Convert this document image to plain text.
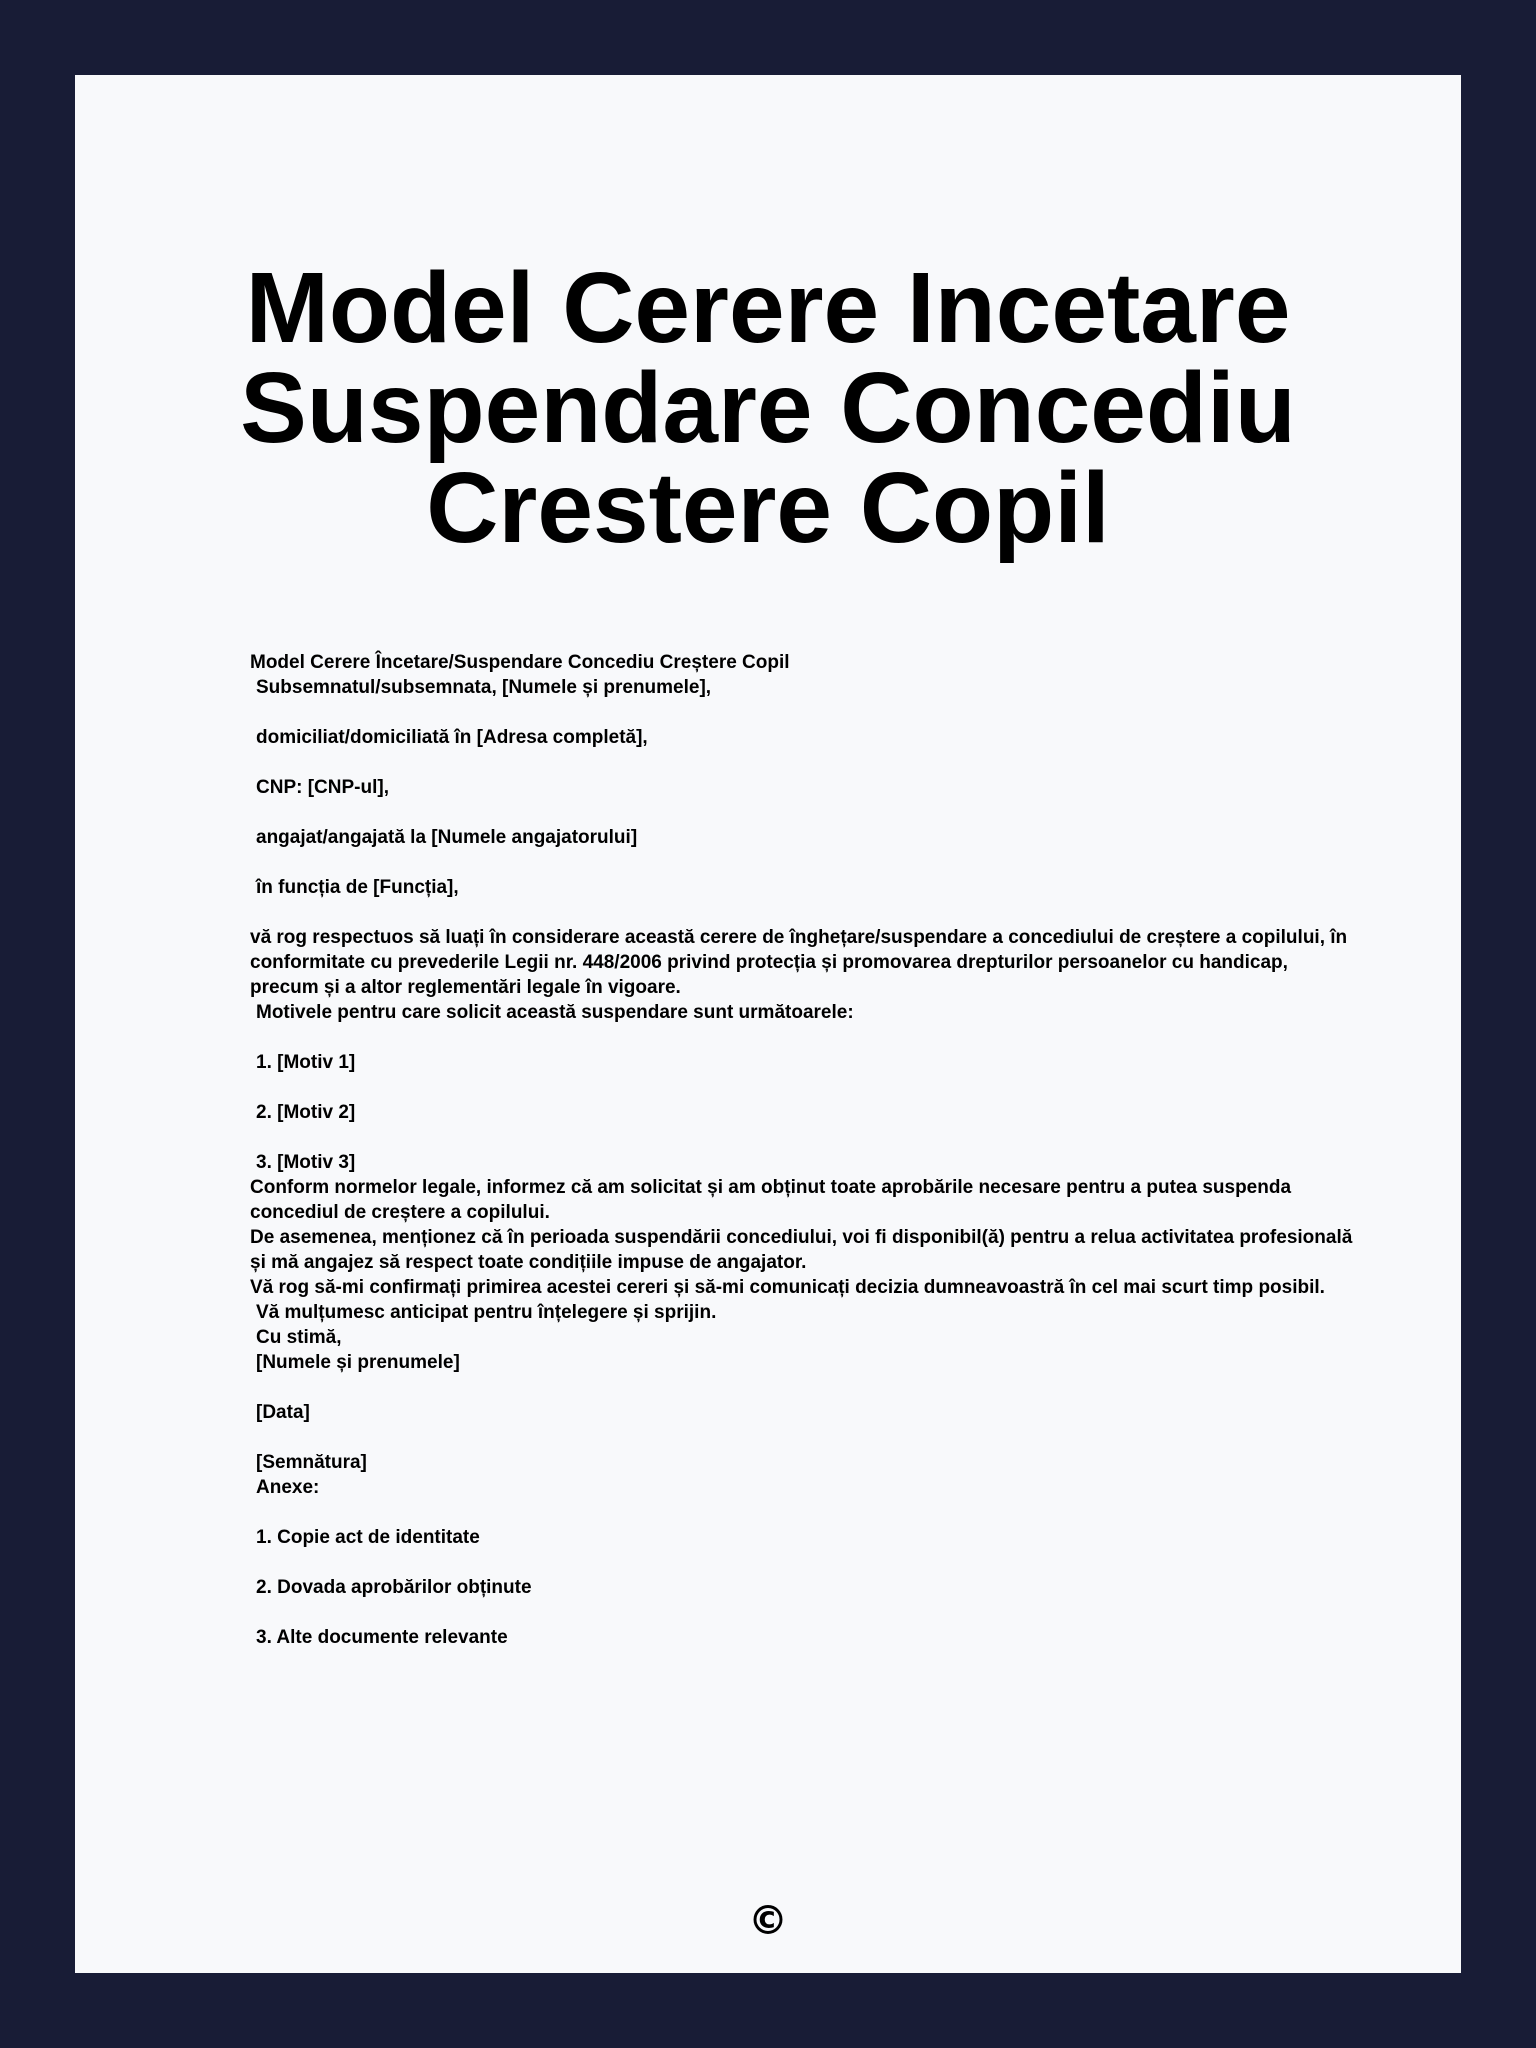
Model Cerere Incetare
Suspendare Concediu
Crestere Copil
Model Cerere Încetare/Suspendare Concediu Creștere Copil
Subsemnatul/subsemnata, [Numele și prenumele],
domiciliat/domiciliată în [Adresa completă],
CNP: [CNP-ul],
angajat/angajată la [Numele angajatorului]
în funcția de [Funcția],
vă rog respectuos să luați în considerare această cerere de înghețare/suspendare a concediului de creștere a copilului, în conformitate cu prevederile Legii nr. 448/2006 privind protecția și promovarea drepturilor persoanelor cu handicap, precum și a altor reglementări legale în vigoare.
Motivele pentru care solicit această suspendare sunt următoarele:
1. [Motiv 1]
2. [Motiv 2]
3. [Motiv 3]
Conform normelor legale, informez că am solicitat și am obținut toate aprobările necesare pentru a putea suspenda concediul de creștere a copilului.
De asemenea, menționez că în perioada suspendării concediului, voi fi disponibil(ă) pentru a relua activitatea profesională și mă angajez să respect toate condițiile impuse de angajator.
Vă rog să-mi confirmați primirea acestei cereri și să-mi comunicați decizia dumneavoastră în cel mai scurt timp posibil.
Vă mulțumesc anticipat pentru înțelegere și sprijin.
Cu stimă,
[Numele și prenumele]
[Data]
[Semnătura]
Anexe:
1. Copie act de identitate
2. Dovada aprobărilor obținute
3. Alte documente relevante
©
